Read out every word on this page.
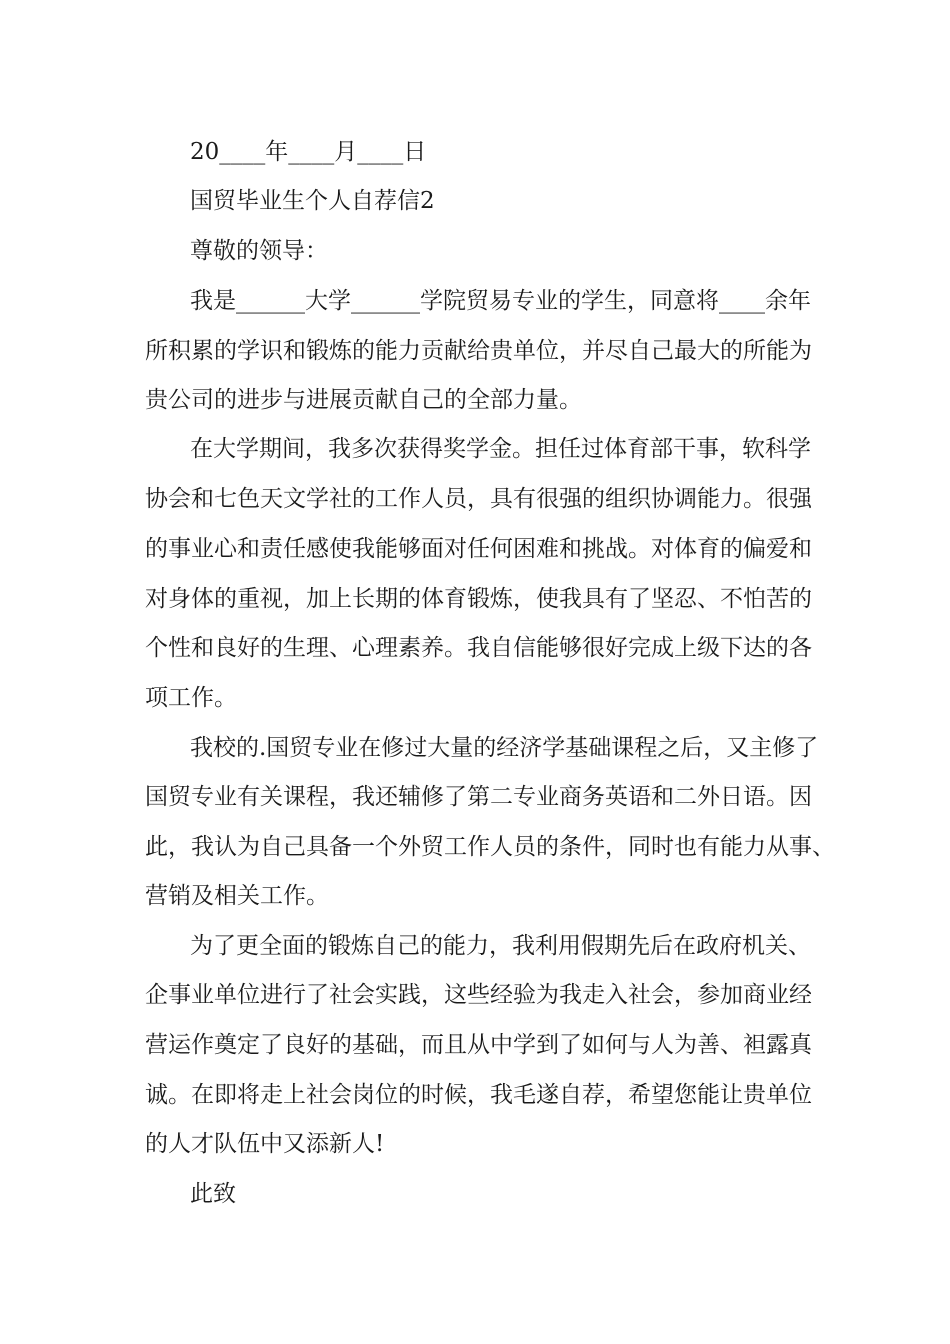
20____年____月____日
国贸毕业生个人自荐信2
尊敬的领导：
我是______大学______学院贸易专业的学生，同意将____余年
所积累的学识和锻炼的能力贡献给贵单位，并尽自己最大的所能为
贵公司的进步与进展贡献自己的全部力量。
在大学期间，我多次获得奖学金。担任过体育部干事，软科学
协会和七色天文学社的工作人员，具有很强的组织协调能力。很强
的事业心和责任感使我能够面对任何困难和挑战。对体育的偏爱和
对身体的重视，加上长期的体育锻炼，使我具有了坚忍、不怕苦的
个性和良好的生理、心理素养。我自信能够很好完成上级下达的各
项工作。
我校的.国贸专业在修过大量的经济学基础课程之后，又主修了
国贸专业有关课程，我还辅修了第二专业商务英语和二外日语。因
此，我认为自己具备一个外贸工作人员的条件，同时也有能力从事、
营销及相关工作。
为了更全面的锻炼自己的能力，我利用假期先后在政府机关、
企事业单位进行了社会实践，这些经验为我走入社会，参加商业经
营运作奠定了良好的基础，而且从中学到了如何与人为善、袒露真
诚。在即将走上社会岗位的时候，我毛遂自荐，希望您能让贵单位
的人才队伍中又添新人!
此致
